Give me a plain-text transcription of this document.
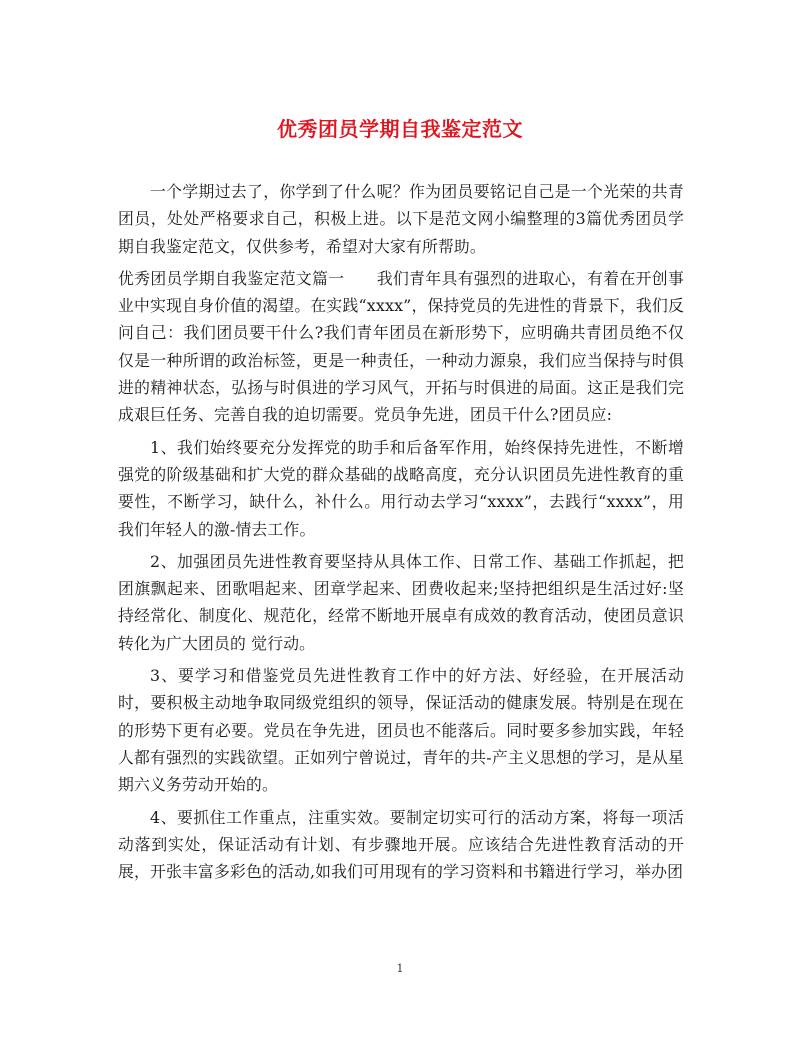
优秀团员学期自我鉴定范文

一个学期过去了，你学到了什么呢？作为团员要铭记自己是一个光荣的共青团员，处处严格要求自己，积极上进。以下是范文网小编整理的3篇优秀团员学期自我鉴定范文，仅供参考，希望对大家有所帮助。

优秀团员学期自我鉴定范文篇一　　我们青年具有强烈的进取心，有着在开创事业中实现自身价值的渴望。在实践“xxxx”，保持党员的先进性的背景下，我们反问自己：我们团员要干什么?我们青年团员在新形势下，应明确共青团员绝不仅仅是一种所谓的政治标签，更是一种责任，一种动力源泉，我们应当保持与时俱进的精神状态，弘扬与时俱进的学习风气，开拓与时俱进的局面。这正是我们完成艰巨任务、完善自我的迫切需要。党员争先进，团员干什么?团员应:

1、我们始终要充分发挥党的助手和后备军作用，始终保持先进性，不断增强党的阶级基础和扩大党的群众基础的战略高度，充分认识团员先进性教育的重要性，不断学习，缺什么，补什么。用行动去学习“xxxx”，去践行“xxxx”，用我们年轻人的激-情去工作。

2、加强团员先进性教育要坚持从具体工作、日常工作、基础工作抓起，把团旗飘起来、团歌唱起来、团章学起来、团费收起来;坚持把组织是生活过好:坚持经常化、制度化、规范化，经常不断地开展卓有成效的教育活动，使团员意识转化为广大团员的 觉行动。

3、要学习和借鉴党员先进性教育工作中的好方法、好经验，在开展活动时，要积极主动地争取同级党组织的领导，保证活动的健康发展。特别是在现在的形势下更有必要。党员在争先进，团员也不能落后。同时要多参加实践，年轻人都有强烈的实践欲望。正如列宁曾说过，青年的共-产主义思想的学习，是从星期六义务劳动开始的。

4、要抓住工作重点，注重实效。要制定切实可行的活动方案，将每一项活动落到实处，保证活动有计划、有步骤地开展。应该结合先进性教育活动的开展，开张丰富多彩色的活动,如我们可用现有的学习资料和书籍进行学习，举办团

1
